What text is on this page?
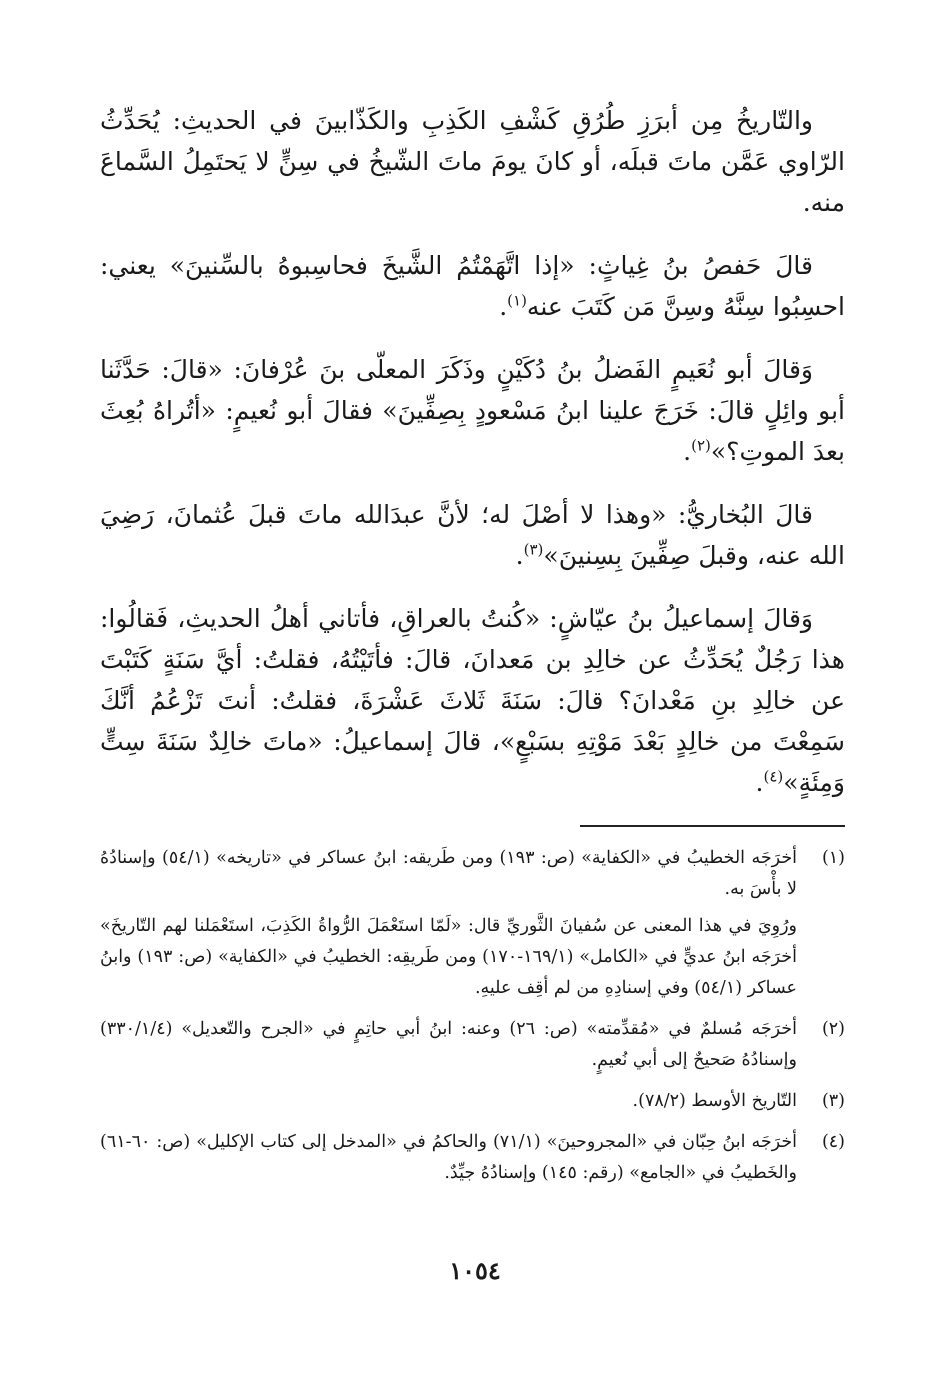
والتّاريخُ مِن أبرَزِ طُرُقِ كَشْفِ الكَذِبِ والكَذّابينَ في الحديثِ: يُحَدِّثُ الرّاوي عَمَّن ماتَ قبلَه، أو كانَ يومَ ماتَ الشّيخُ في سِنٍّ لا يَحتَمِلُ السَّماعَ منه.

قالَ حَفصُ بنُ غِياثٍ: «إذا اتَّهَمْتُمُ الشَّيخَ فحاسِبوهُ بالسِّنينَ» يعني: احسِبُوا سِنَّهُ وسِنَّ مَن كَتَبَ عنه$^{(١)}$.

وَقالَ أبو نُعَيمٍ الفَضلُ بنُ دُكَيْنٍ وذَكَرَ المعلّى بنَ عُرْفانَ: «قالَ: حَدَّثَنا أبو وائِلٍ قالَ: خَرَجَ علينا ابنُ مَسْعودٍ بِصِفِّينَ» فقالَ أبو نُعيمٍ: «أتُراهُ بُعِثَ بعدَ الموتِ؟»$^{(٢)}$.

قالَ البُخاريُّ: «وهذا لا أصْلَ له؛ لأنَّ عبدَالله ماتَ قبلَ عُثمانَ، رَضِيَ الله عنه، وقبلَ صِفِّينَ بِسِنينَ»$^{(٣)}$.

وَقالَ إسماعيلُ بنُ عيّاشٍ: «كُنتُ بالعراقِ، فأتاني أهلُ الحديثِ، فَقالُوا: هذا رَجُلٌ يُحَدِّثُ عن خالِدِ بن مَعدانَ، قالَ: فأتَيْتُهُ، فقلتُ: أيَّ سَنَةٍ كَتَبْتَ عن خالِدِ بنِ مَعْدانَ؟ قالَ: سَنَةَ ثَلاثَ عَشْرَةَ، فقلتُ: أنتَ تَزْعُمُ أنَّكَ سَمِعْتَ من خالِدٍ بَعْدَ مَوْتِهِ بسَبْعٍ»، قالَ إسماعيلُ: «ماتَ خالِدٌ سَنَةَ سِتٍّ وَمِئَةٍ»$^{(٤)}$.

(١)

أخرَجَه الخطيبُ في «الكفاية» (ص: ١٩٣) ومن طَريقه: ابنُ عساكر في «تاريخه» (٥٤/١) وإسنادُهُ لا بأْسَ به.

ورُوِيَ في هذا المعنى عن سُفيانَ الثَّوريِّ قال: «لَمّا استَعْمَلَ الرُّواةُ الكَذِبَ، استَعْمَلنا لهم التّاريخَ» أخرَجَه ابنُ عديٍّ في «الكامل» (١٦٩/١-١٧٠) ومن طَريقِه: الخطيبُ في «الكفاية» (ص: ١٩٣) وابنُ عساكر (٥٤/١) وفي إسنادِهِ من لم أقِف عليهِ.

(٢)

أخرَجَه مُسلمٌ في «مُقدِّمته» (ص: ٢٦) وعنه: ابنُ أبي حاتِمٍ في «الجرح والتّعديل» (٣٣٠/١/٤) وإسنادُهُ صَحيحٌ إلى أبي نُعيمٍ.

(٣)

التّاريخ الأوسط (٧٨/٢).

(٤)

أخرَجَه ابنُ حِبّان في «المجروحينَ» (٧١/١) والحاكمُ في «المدخل إلى كتاب الإكليل» (ص: ٦٠-٦١) والخَطيبُ في «الجامع» (رقم: ١٤٥) وإسنادُهُ جيِّدٌ.

١٠٥٤
